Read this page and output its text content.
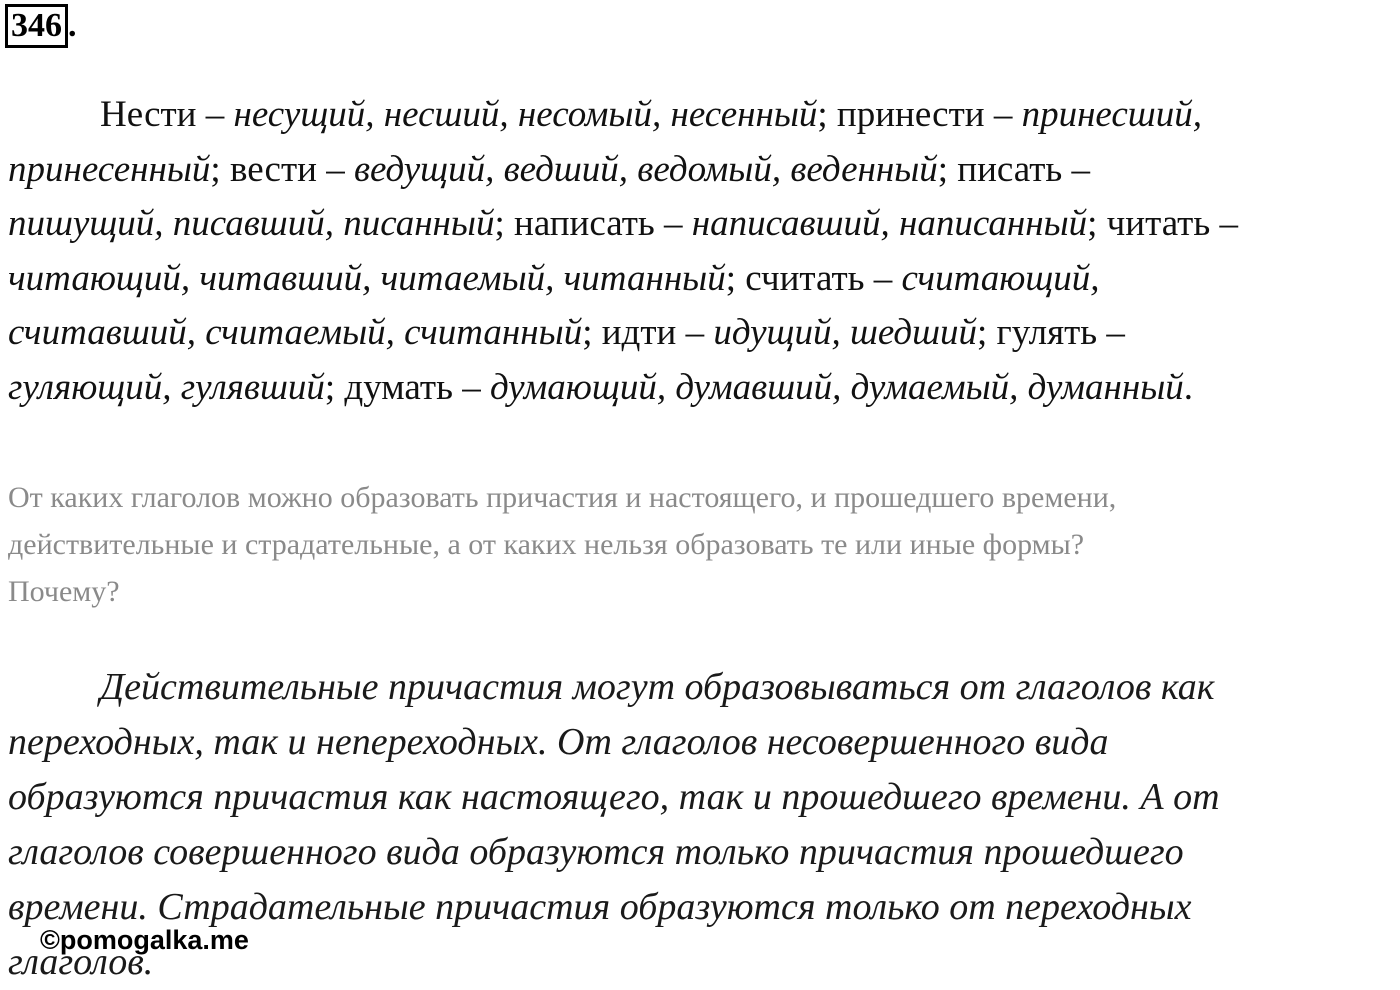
346 .
Нести – несущий, несший, несомый, несенный; принести – принесший,
принесенный; вести – ведущий, ведший, ведомый, веденный; писать –
пишущий, писавший, писанный; написать – написавший, написанный; читать –
читающий, читавший, читаемый, читанный; считать – считающий,
считавший, считаемый, считанный; идти – идущий, шедший; гулять –
гуляющий, гулявший; думать – думающий, думавший, думаемый, думанный.
От каких глаголов можно образовать причастия и настоящего, и прошедшего времени,
действительные и страдательные, а от каких нельзя образовать те или иные формы?
Почему?
Действительные причастия могут образовываться от глаголов как
переходных, так и непереходных. От глаголов несовершенного вида
образуются причастия как настоящего, так и прошедшего времени. А от
глаголов совершенного вида образуются только причастия прошедшего
времени. Страдательные причастия образуются только от переходных
глаголов.
©pomogalka.me
